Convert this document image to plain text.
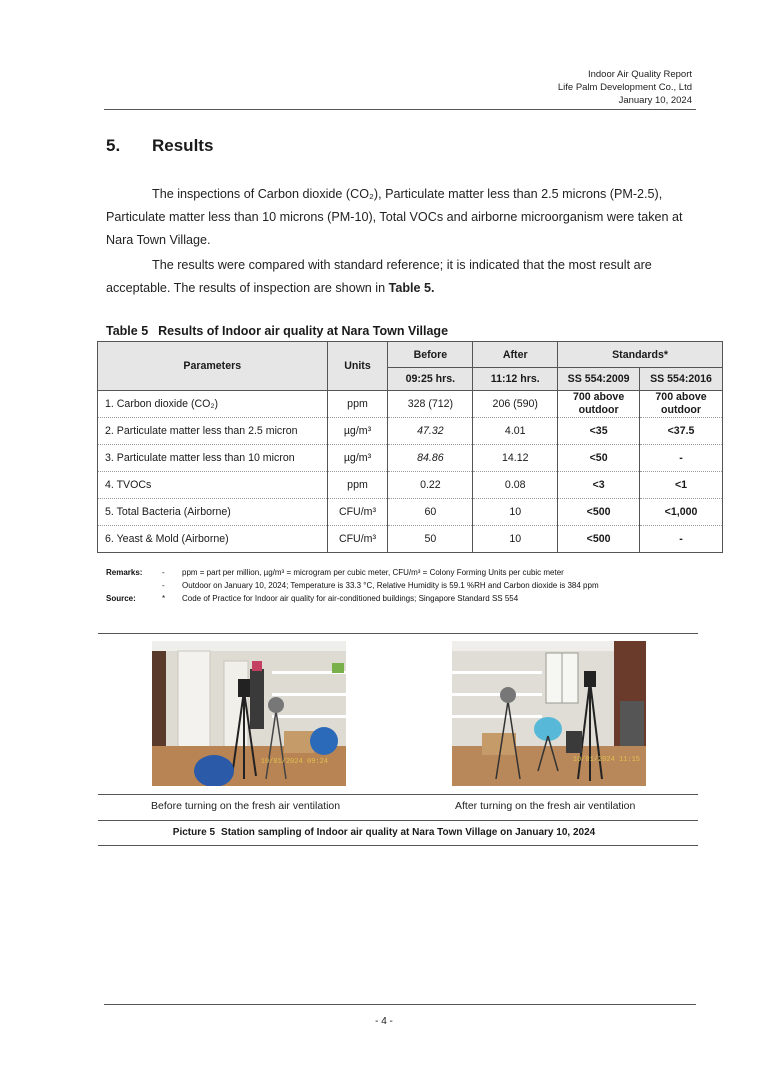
Indoor Air Quality Report
Life Palm Development Co., Ltd
January 10, 2024
5. Results
The inspections of Carbon dioxide (CO₂), Particulate matter less than 2.5 microns (PM-2.5), Particulate matter less than 10 microns (PM-10), Total VOCs and airborne microorganism were taken at Nara Town Village.
The results were compared with standard reference; it is indicated that the most result are acceptable. The results of inspection are shown in Table 5.
Table 5 Results of Indoor air quality at Nara Town Village
Parameters	Units	Before	After	Standards*	
		09:25 hrs.	11:12 hrs.	SS 554:2009	SS 554:2016
1. Carbon dioxide (CO₂)	ppm	328 (712)	206 (590)	700 above outdoor	700 above outdoor
2. Particulate matter less than 2.5 micron	µg/m³	47.32	4.01	<35	<37.5
3. Particulate matter less than 10 micron	µg/m³	84.86	14.12	<50	-
4. TVOCs	ppm	0.22	0.08	<3	<1
5. Total Bacteria (Airborne)	CFU/m³	60	10	<500	<1,000
6. Yeast & Mold (Airborne)	CFU/m³	50	10	<500	-
Remarks: - ppm = part per million, µg/m³ = microgram per cubic meter, CFU/m³ = Colony Forming Units per cubic meter
- Outdoor on January 10, 2024; Temperature is 33.3 °C, Relative Humidity is 59.1 %RH and Carbon dioxide is 384 ppm
Source:	* Code of Practice for Indoor air quality for air-conditioned buildings; Singapore Standard SS 554
10/01/2024 09:24	10/01/2024 11:15
Before turning on the fresh air ventilation	After turning on the fresh air ventilation
Picture 5 Station sampling of Indoor air quality at Nara Town Village on January 10, 2024
- 4 -
